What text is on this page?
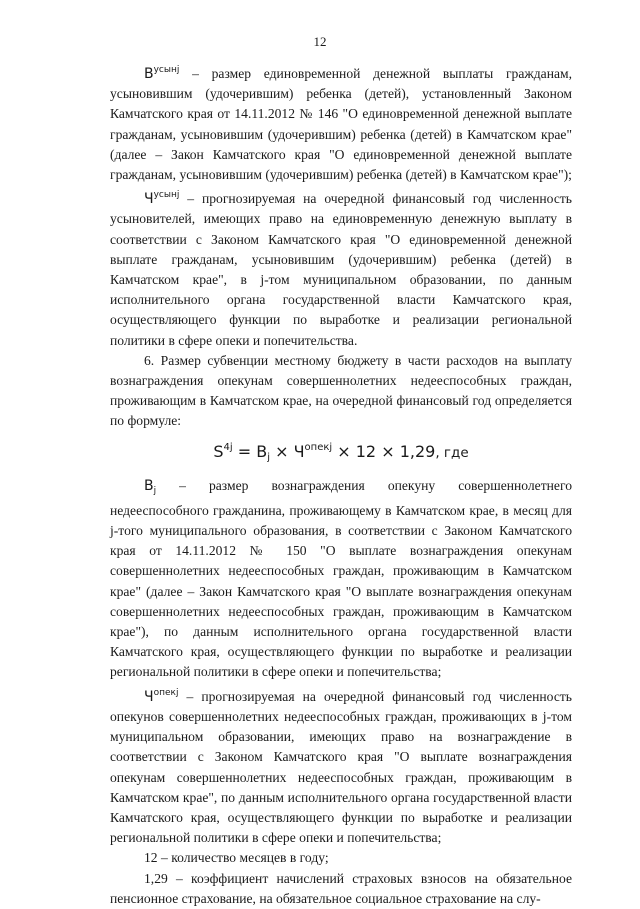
12

$В^{усынj}$ – размер единовременной денежной выплаты гражданам, усыновившим (удочерившим) ребенка (детей), установленный Законом Камчатского края от 14.11.2012 № 146 "О единовременной денежной выплате гражданам, усыновившим (удочерившим) ребенка (детей) в Камчатском крае" (далее – Закон Камчатского края "О единовременной денежной выплате гражданам, усыновившим (удочерившим) ребенка (детей) в Камчатском крае");

$Ч^{усынj}$ – прогнозируемая на очередной финансовый год численность усыновителей, имеющих право на единовременную денежную выплату в соответствии с Законом Камчатского края "О единовременной денежной выплате гражданам, усыновившим (удочерившим) ребенка (детей) в Камчатском крае", в j-том муниципальном образовании, по данным исполнительного органа государственной власти Камчатского края, осуществляющего функции по выработке и реализации региональной политики в сфере опеки и попечительства.

6. Размер субвенции местному бюджету в части расходов на выплату вознаграждения опекунам совершеннолетних недееспособных граждан, проживающим в Камчатском крае, на очередной финансовый год определяется по формуле:

$S^{4j} = В_j \times Ч^{опекj} \times 12 \times 1,29$, где

$В_j$ – размер вознаграждения опекуну совершеннолетнего недееспособного гражданина, проживающему в Камчатском крае, в месяц для j-того муниципального образования, в соответствии с Законом Камчатского края от 14.11.2012 № 150 "О выплате вознаграждения опекунам совершеннолетних недееспособных граждан, проживающим в Камчатском крае" (далее – Закон Камчатского края "О выплате вознаграждения опекунам совершеннолетних недееспособных граждан, проживающим в Камчатском крае"), по данным исполнительного органа государственной власти Камчатского края, осуществляющего функции по выработке и реализации региональной политики в сфере опеки и попечительства;

$Ч^{опекj}$ – прогнозируемая на очередной финансовый год численность опекунов совершеннолетних недееспособных граждан, проживающих в j-том муниципальном образовании, имеющих право на вознаграждение в соответствии с Законом Камчатского края "О выплате вознаграждения опекунам совершеннолетних недееспособных граждан, проживающим в Камчатском крае", по данным исполнительного органа государственной власти Камчатского края, осуществляющего функции по выработке и реализации региональной политики в сфере опеки и попечительства;

12 – количество месяцев в году;

1,29 – коэффициент начислений страховых взносов на обязательное пенсионное страхование, на обязательное социальное страхование на слу-
